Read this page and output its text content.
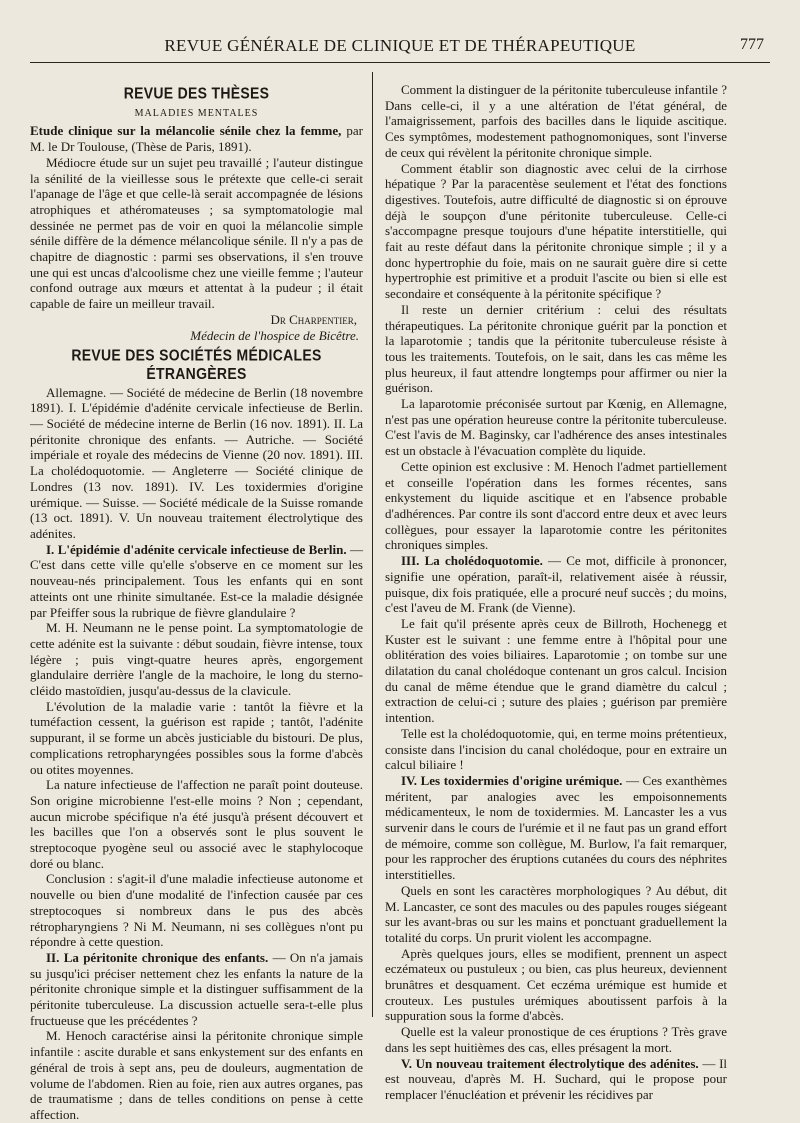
REVUE GÉNÉRALE DE CLINIQUE ET DE THÉRAPEUTIQUE	777
REVUE DES THÈSES
MALADIES MENTALES

Etude clinique sur la mélancolie sénile chez la femme, par M. le Dr Toulouse, (Thèse de Paris, 1891).

Médiocre étude sur un sujet peu travaillé ; l'auteur distingue la sénilité de la vieillesse sous le prétexte que celle-ci serait l'apanage de l'âge et que celle-là serait accompagnée de lésions atrophiques et athéromateuses ; sa symptomatologie mal dessinée ne permet pas de voir en quoi la mélancolie simple sénile diffère de la démence mélancolique sénile. Il n'y a pas de chapitre de diagnostic : parmi ses observations, il s'en trouve une qui est uncas d'alcoolisme chez une vieille femme ; l'auteur confond outrage aux mœurs et attentat à la pudeur ; il était capable de faire un meilleur travail.

Dr Charpentier,
Médecin de l'hospice de Bicêtre.
REVUE DES SOCIÉTÉS MÉDICALES ÉTRANGÈRES

Allemagne. — Société de médecine de Berlin (18 novembre 1891). I. L'épidémie d'adénite cervicale infectieuse de Berlin. — Société de médecine interne de Berlin (16 nov. 1891). II. La péritonite chronique des enfants. — Autriche. — Société impériale et royale des médecins de Vienne (20 nov. 1891). III. La cholédoquotomie. — Angleterre — Société clinique de Londres (13 nov. 1891). IV. Les toxidermies d'origine urémique. — Suisse. — Société médicale de la Suisse romande (13 oct. 1891). V. Un nouveau traitement électrolytique des adénites.

I. L'épidémie d'adénite cervicale infectieuse de Berlin. — C'est dans cette ville qu'elle s'observe en ce moment sur les nouveau-nés principalement. Tous les enfants qui en sont atteints ont une rhinite simultanée. Est-ce la maladie désignée par Pfeiffer sous la rubrique de fièvre glandulaire ?

M. H. Neumann ne le pense point. La symptomatologie de cette adénite est la suivante : début soudain, fièvre intense, toux légère ; puis vingt-quatre heures après, engorgement glandulaire derrière l'angle de la machoire, le long du sterno-cléido mastoïdien, jusqu'au-dessus de la clavicule.

L'évolution de la maladie varie : tantôt la fièvre et la tuméfaction cessent, la guérison est rapide ; tantôt, l'adénite suppurant, il se forme un abcès justiciable du bistouri. De plus, complications retropharyngées possibles sous la forme d'abcès ou otites moyennes.

La nature infectieuse de l'affection ne paraît point douteuse. Son origine microbienne l'est-elle moins ? Non ; cependant, aucun microbe spécifique n'a été jusqu'à présent découvert et les bacilles que l'on a observés sont le plus souvent le streptocoque pyogène seul ou associé avec le staphylocoque doré ou blanc.

Conclusion : s'agit-il d'une maladie infectieuse autonome et nouvelle ou bien d'une modalité de l'infection causée par ces streptocoques si nombreux dans le pus des abcès rétropharyngiens ? Ni M. Neumann, ni ses collègues n'ont pu répondre à cette question.

II. La péritonite chronique des enfants. — On n'a jamais su jusqu'ici préciser nettement chez les enfants la nature de la péritonite chronique simple et la distinguer suffisamment de la péritonite tuberculeuse. La discussion actuelle sera-t-elle plus fructueuse que les précédentes ?

M. Henoch caractérise ainsi la péritonite chronique simple infantile : ascite durable et sans enkystement sur des enfants en général de trois à sept ans, peu de douleurs, augmentation de volume de l'abdomen. Rien au foie, rien aux autres organes, pas de traumatisme ; dans de telles conditions on pense à cette affection.

Comment la distinguer de la péritonite tuberculeuse infantile ? Dans celle-ci, il y a une altération de l'état général, de l'amaigrissement, parfois des bacilles dans le liquide ascitique. Ces symptômes, modestement pathognomoniques, sont l'inverse de ceux qui révèlent la péritonite chronique simple.

Comment établir son diagnostic avec celui de la cirrhose hépatique ? Par la paracentèse seulement et l'état des fonctions digestives. Toutefois, autre difficulté de diagnostic si on éprouve déjà le soupçon d'une péritonite tuberculeuse. Celle-ci s'accompagne presque toujours d'une hépatite interstitielle, qui fait au reste défaut dans la péritonite chronique simple ; il y a donc hypertrophie du foie, mais on ne saurait guère dire si cette hypertrophie est primitive et a produit l'ascite ou bien si elle est secondaire et conséquente à la péritonite spécifique ?

Il reste un dernier critérium : celui des résultats thérapeutiques. La péritonite chronique guérit par la ponction et la laparotomie ; tandis que la péritonite tuberculeuse résiste à tous les traitements. Toutefois, on le sait, dans les cas même les plus heureux, il faut attendre longtemps pour affirmer ou nier la guérison.

La laparotomie préconisée surtout par Kœnig, en Allemagne, n'est pas une opération heureuse contre la péritonite tuberculeuse. C'est l'avis de M. Baginsky, car l'adhérence des anses intestinales est un obstacle à l'évacuation complète du liquide.

Cette opinion est exclusive : M. Henoch l'admet partiellement et conseille l'opération dans les formes récentes, sans enkystement du liquide ascitique et en l'absence probable d'adhérences. Par contre ils sont d'accord entre deux et avec leurs collègues, pour essayer la laparotomie contre les péritonites chroniques simples.

III. La cholédoquotomie. — Ce mot, difficile à prononcer, signifie une opération, paraît-il, relativement aisée à réussir, puisque, dix fois pratiquée, elle a procuré neuf succès ; du moins, c'est l'aveu de M. Frank (de Vienne).

Le fait qu'il présente après ceux de Billroth, Hochenegg et Kuster est le suivant : une femme entre à l'hôpital pour une oblitération des voies biliaires. Laparotomie ; on tombe sur une dilatation du canal cholédoque contenant un gros calcul. Incision du canal de même étendue que le grand diamètre du calcul ; extraction de celui-ci ; suture des plaies ; guérison par première intention.

Telle est la cholédoquotomie, qui, en terme moins prétentieux, consiste dans l'incision du canal cholédoque, pour en extraire un calcul biliaire !

IV. Les toxidermies d'origine urémique. — Ces exanthèmes méritent, par analogies avec les empoisonnements médicamenteux, le nom de toxidermies. M. Lancaster les a vus survenir dans le cours de l'urémie et il ne faut pas un grand effort de mémoire, comme son collègue, M. Burlow, l'a fait remarquer, pour les rapprocher des éruptions cutanées du cours des néphrites interstitielles.

Quels en sont les caractères morphologiques ? Au début, dit M. Lancaster, ce sont des macules ou des papules rouges siégeant sur les avant-bras ou sur les mains et ponctuant graduellement la totalité du corps. Un prurit violent les accompagne.

Après quelques jours, elles se modifient, prennent un aspect eczémateux ou pustuleux ; ou bien, cas plus heureux, deviennent brunâtres et desquament. Cet eczéma urémique est humide et crouteux. Les pustules urémiques aboutissent parfois à la suppuration sous la forme d'abcès.

Quelle est la valeur pronostique de ces éruptions ? Très grave dans les sept huitièmes des cas, elles présagent la mort.

V. Un nouveau traitement électrolytique des adénites. — Il est nouveau, d'après M. H. Suchard, qui le propose pour remplacer l'énucléation et prévenir les récidives par
